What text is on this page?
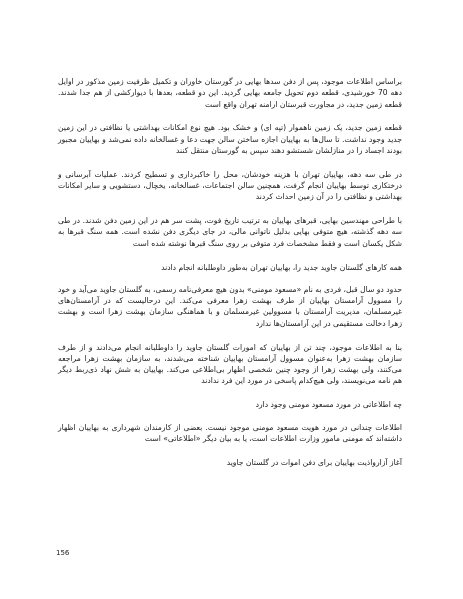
براساس اطلاعات موجود، پس از دفن سدها بهایی در گورستان خاوران و تکمیل ظرفیت زمین مذکور در اوایل دهه 70 خورشیدی، قطعه دوم تحویل جامعه بهایی گردید. این دو قطعه، بعدها با دیوارکشی از هم جدا شدند. قطعه زمین جدید، در مجاورت قبرستان ارامنه تهران واقع است

قطعه زمین جدید، یک زمین ناهموار (تپه ای) و خشک بود. هیچ نوع امکانات بهداشتی یا نظافتی در این زمین جدید وجود نداشت. تا سال‌ها به بهاییان اجازه ساختن سالن جهت دعا و غسالخانه داده نمی‌شد و بهاییان مجبور بودند اجساد را در منازلشان شستشو دهند سپس به گورستان منتقل کنند

در طی سه دهه، بهاییان تهران با هزینه خودشان، محل را خاکبرداری و تسطیح کردند. عملیات آبرسانی و درختکاری توسط بهاییان انجام گرفت، همچنین سالن اجتماعات، غسالخانه، یخچال، دستشویی و سایر امکانات بهداشتی و نظافتی را در آن زمین احداث کردند

با طراحی مهندسین بهایی، قبرهای بهاییان به ترتیب تاریخ فوت، پشت سر هم در این زمین دفن شدند. در طی سه دهه گذشته، هیچ متوفی بهایی بدلیل ناتوانی مالی، در جای دیگری دفن نشده است. همه سنگ قبرها به شکل یکسان است و فقط مشخصات فرد متوفی بر روی سنگ قبرها نوشته شده است

همه کارهای گلستان جاوید جدید را، بهاییان تهران به‌طور داوطلبانه انجام دادند

حدود دو سال قبل، فردی به نام «مسعود مومنی» بدون هیچ معرفی‌نامه رسمی، به گلستان جاوید می‌آید و خود را مسوول آرامستان بهاییان از طرف بهشت زهرا معرفی می‌کند. این درحالیست که در آرامستان‌های غیرمسلمان، مدیریت آرامستان با مسوولین غیرمسلمان و با هماهنگی سازمان بهشت زهرا است و بهشت زهرا دخالت مستقیمی در این آرامستان‌ها ندارد

بنا به اطلاعات موجود، چند تن از بهاییان که امورات گلستان جاوید را داوطلبانه انجام می‌دادند و از طرف سازمان بهشت زهرا به‌عنوان مسوول آرامستان بهاییان شناخته می‌شدند، به سازمان بهشت زهرا مراجعه می‌کنند، ولی بهشت زهرا از وجود چنین شخصی اظهار بی‌اطلاعی می‌کند. بهاییان به شش نهاد ذی‌ربط دیگر هم نامه می‌نویسند، ولی هیچ‌کدام پاسخی در مورد این فرد ندادند

چه اطلاعاتی در مورد مسعود مومنی وجود دارد

اطلاعات چندانی در مورد هویت مسعود مومنی موجود نیست. بعضی از کارمندان شهرداری به بهاییان اظهار داشته‌اند که مومنی مامور وزارت اطلاعات است، یا به بیان دیگر «اطلاعاتی» است

آغاز آزارواذیت بهاییان برای دفن اموات در گلستان جاوید

156
